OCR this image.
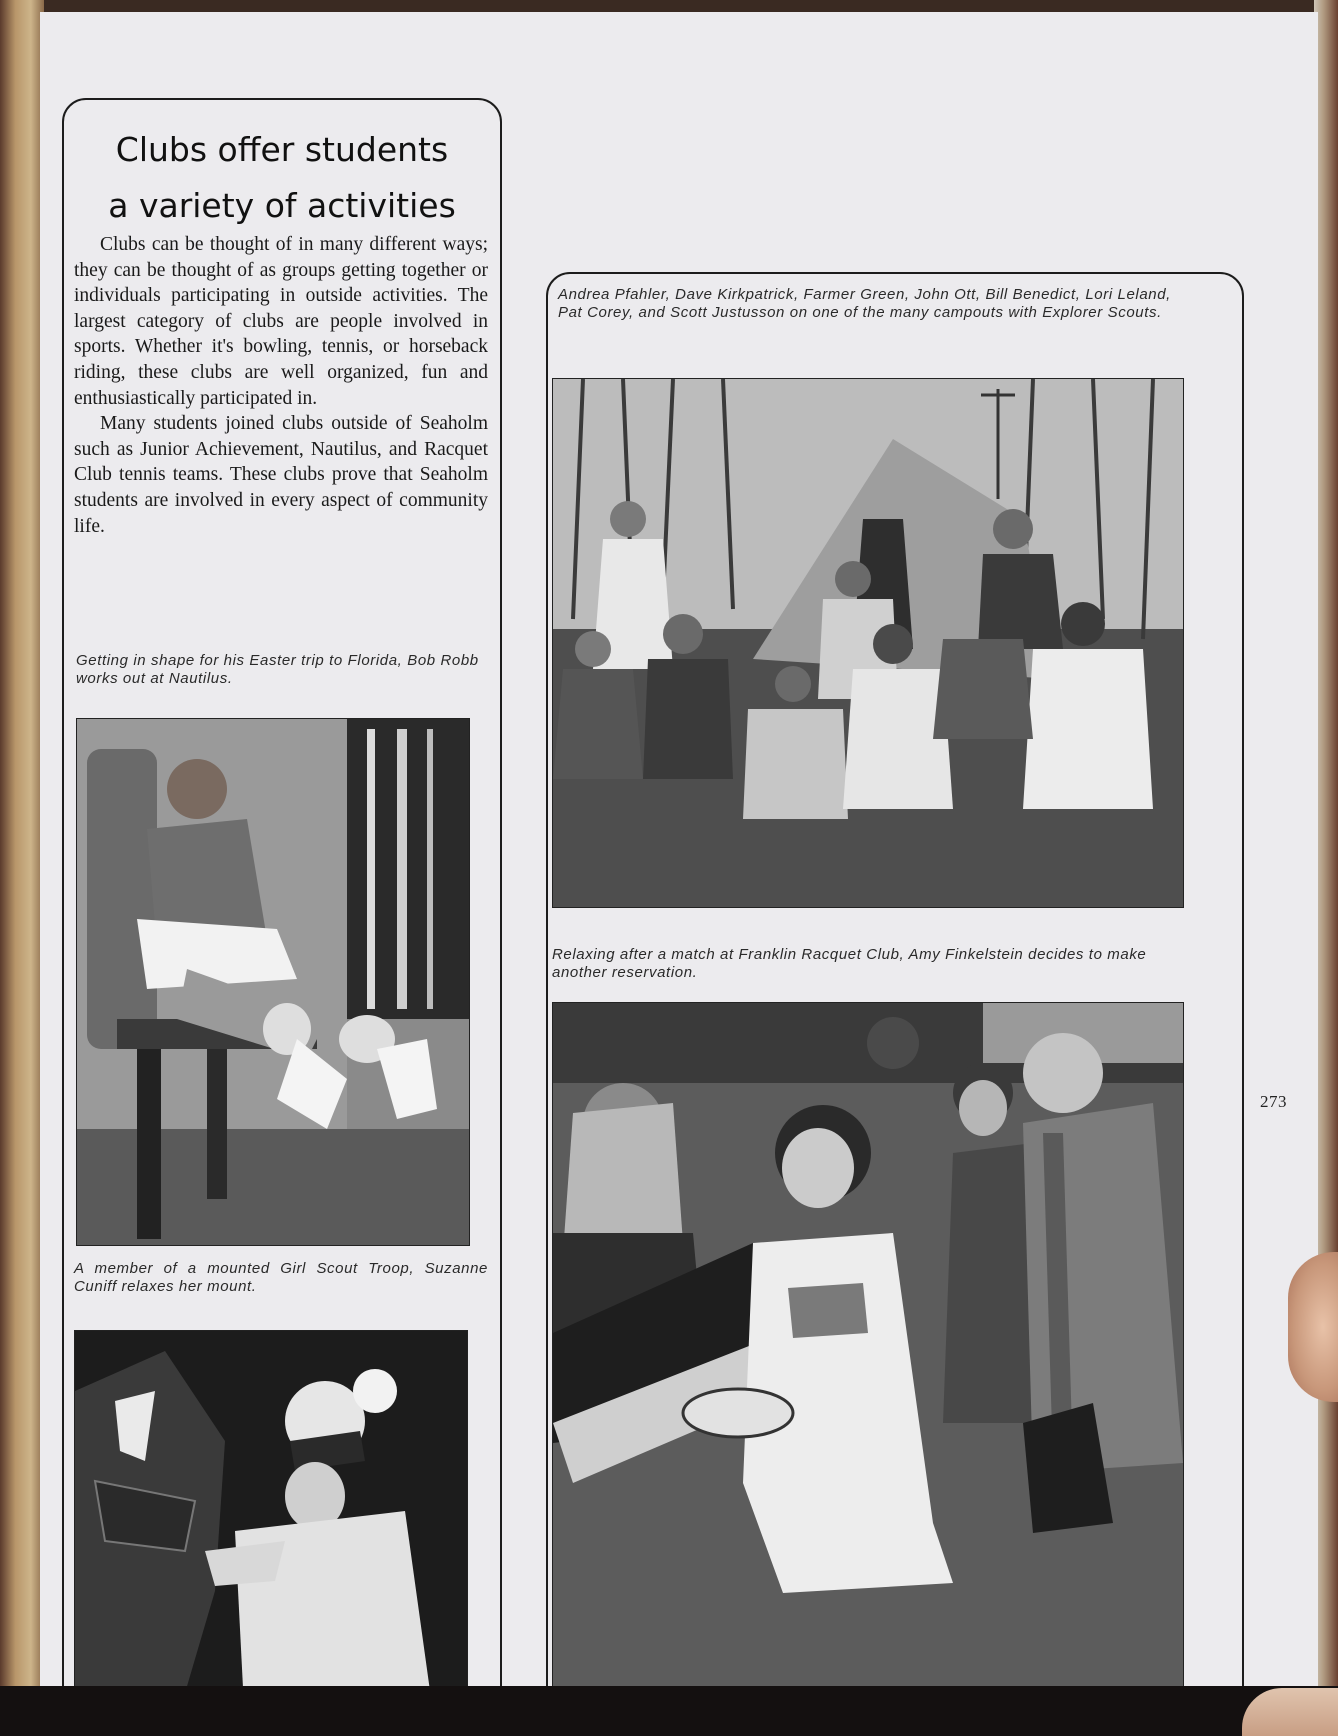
Clubs offer students
a variety of activities

Clubs can be thought of in many different ways; they can be thought of as groups getting together or individuals participating in outside activities. The largest category of clubs are people involved in sports. Whether it's bowling, tennis, or horseback riding, these clubs are well organized, fun and enthusiastically participated in.

Many students joined clubs outside of Seaholm such as Junior Achievement, Nautilus, and Racquet Club tennis teams. These clubs prove that Seaholm students are involved in every aspect of community life.

Getting in shape for his Easter trip to Florida, Bob Robb works out at Nautilus.

A member of a mounted Girl Scout Troop, Suzanne Cuniff relaxes her mount.

Andrea Pfahler, Dave Kirkpatrick, Farmer Green, John Ott, Bill Benedict, Lori Leland, Pat Corey, and Scott Justusson on one of the many campouts with Explorer Scouts.

Relaxing after a match at Franklin Racquet Club, Amy Finkelstein decides to make another reservation.

273
